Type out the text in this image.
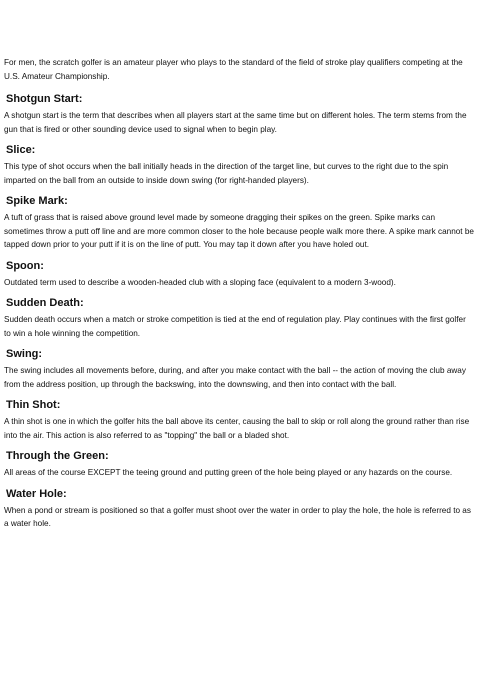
For men, the scratch golfer is an amateur player who plays to the standard of the field of stroke play qualifiers competing at the U.S. Amateur Championship.

Shotgun Start:

A shotgun start is the term that describes when all players start at the same time but on different holes. The term stems from the gun that is fired or other sounding device used to signal when to begin play.

Slice:

This type of shot occurs when the ball initially heads in the direction of the target line, but curves to the right due to the spin imparted on the ball from an outside to inside down swing (for right-handed players).

Spike Mark:

A tuft of grass that is raised above ground level made by someone dragging their spikes on the green. Spike marks can sometimes throw a putt off line and are more common closer to the hole because people walk more there. A spike mark cannot be tapped down prior to your putt if it is on the line of putt. You may tap it down after you have holed out.

Spoon:

Outdated term used to describe a wooden-headed club with a sloping face (equivalent to a modern 3-wood).

Sudden Death:

Sudden death occurs when a match or stroke competition is tied at the end of regulation play. Play continues with the first golfer to win a hole winning the competition.

Swing:

The swing includes all movements before, during, and after you make contact with the ball -- the action of moving the club away from the address position, up through the backswing, into the downswing, and then into contact with the ball.

Thin Shot:

A thin shot is one in which the golfer hits the ball above its center, causing the ball to skip or roll along the ground rather than rise into the air. This action is also referred to as "topping" the ball or a bladed shot.

Through the Green:

All areas of the course EXCEPT the teeing ground and putting green of the hole being played or any hazards on the course.

Water Hole:

When a pond or stream is positioned so that a golfer must shoot over the water in order to play the hole, the hole is referred to as a water hole.
